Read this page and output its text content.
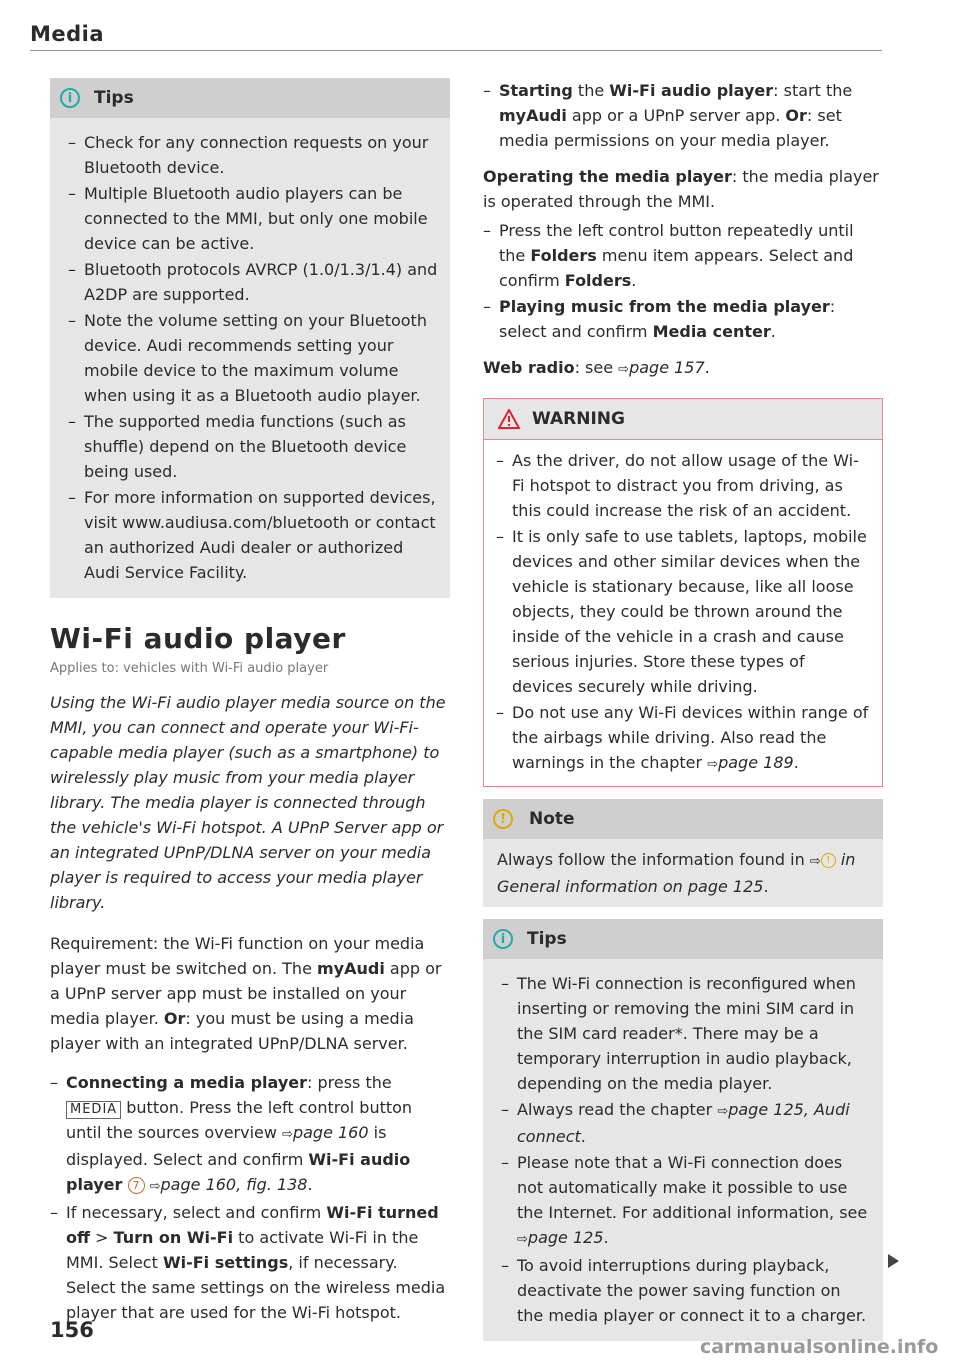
Media
i	Tips

– Check for any connection requests on your Bluetooth device.

– Multiple Bluetooth audio players can be connected to the MMI, but only one mobile device can be active.

– Bluetooth protocols AVRCP (1.0/1.3/1.4) and A2DP are supported.

– Note the volume setting on your Bluetooth device. Audi recommends setting your mobile device to the maximum volume when using it as a Bluetooth audio player.

– The supported media functions (such as shuffle) depend on the Bluetooth device being used.

– For more information on supported devices, visit www.audiusa.com/bluetooth or contact an authorized Audi dealer or authorized Audi Service Facility.

Wi-Fi audio player
Applies to: vehicles with Wi-Fi audio player

Using the Wi-Fi audio player media source on the MMI, you can connect and operate your Wi-Fi-capable media player (such as a smartphone) to wirelessly play music from your media player library. The media player is connected through the vehicle's Wi-Fi hotspot. A UPnP Server app or an integrated UPnP/DLNA server on your media player is required to access your media player library.

Requirement: the Wi-Fi function on your media player must be switched on. The myAudi app or a UPnP server app must be installed on your media player. Or: you must be using a media player with an integrated UPnP/DLNA server.

– Connecting a media player: press the MEDIA button. Press the left control button until the sources overview ⇨page 160 is displayed. Select and confirm Wi-Fi audio player 7 ⇨page 160, fig. 138.

– If necessary, select and confirm Wi-Fi turned off > Turn on Wi-Fi to activate Wi-Fi in the MMI. Select Wi-Fi settings, if necessary. Select the same settings on the wireless media player that are used for the Wi-Fi hotspot.

– Starting the Wi-Fi audio player: start the myAudi app or a UPnP server app. Or: set media permissions on your media player.

Operating the media player: the media player is operated through the MMI.

– Press the left control button repeatedly until the Folders menu item appears. Select and confirm Folders.

– Playing music from the media player: select and confirm Media center.

Web radio: see ⇨page 157.

WARNING

– As the driver, do not allow usage of the Wi-Fi hotspot to distract you from driving, as this could increase the risk of an accident.

– It is only safe to use tablets, laptops, mobile devices and other similar devices when the vehicle is stationary because, like all loose objects, they could be thrown around the inside of the vehicle in a crash and cause serious injuries. Store these types of devices securely while driving.

– Do not use any Wi-Fi devices within range of the airbags while driving. Also read the warnings in the chapter ⇨page 189.

!	Note

Always follow the information found in ⇨ ! in General information on page 125.

i	Tips

– The Wi-Fi connection is reconfigured when inserting or removing the mini SIM card in the SIM card reader*. There may be a temporary interruption in audio playback, depending on the media player.

– Always read the chapter ⇨page 125, Audi connect.

– Please note that a Wi-Fi connection does not automatically make it possible to use the Internet. For additional information, see ⇨page 125.

– To avoid interruptions during playback, deactivate the power saving function on the media player or connect it to a charger.

156
carmanualsonline.info
